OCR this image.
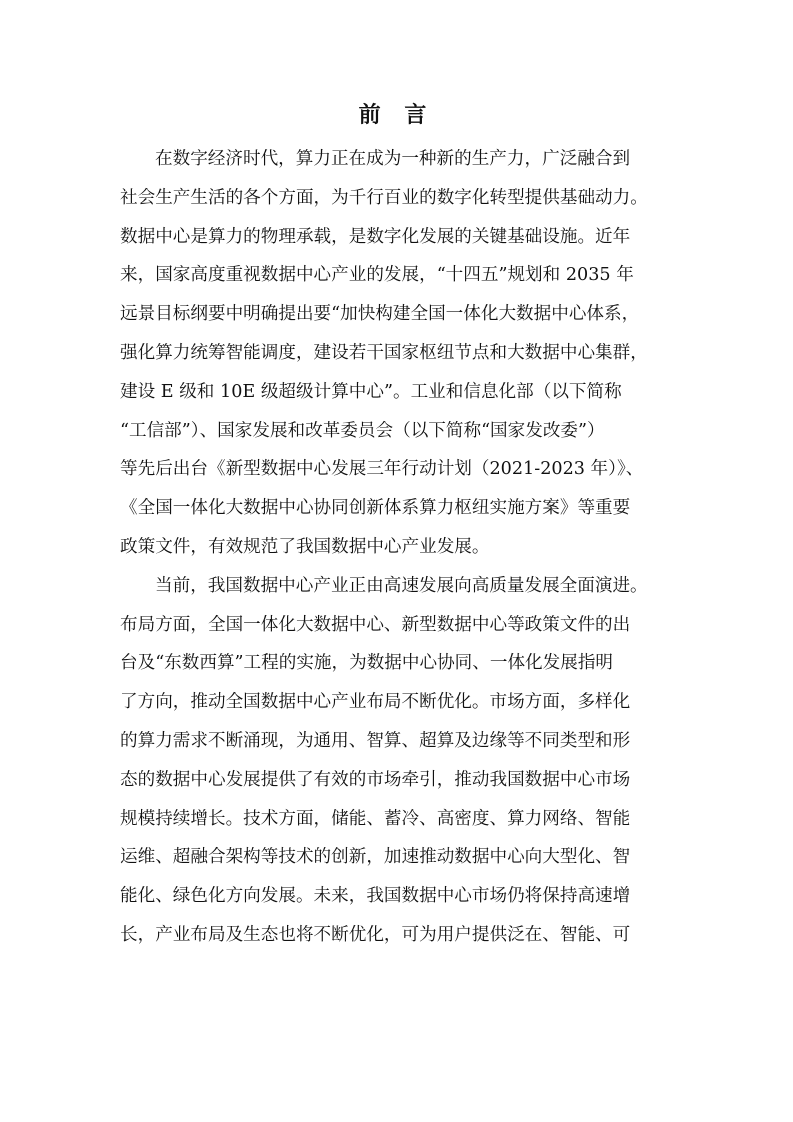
前 言
在数字经济时代，算力正在成为一种新的生产力，广泛融合到
社会生产生活的各个方面，为千行百业的数字化转型提供基础动力。
数据中心是算力的物理承载，是数字化发展的关键基础设施。近年
来，国家高度重视数据中心产业的发展，“十四五”规划和 2035 年
远景目标纲要中明确提出要“加快构建全国一体化大数据中心体系，
强化算力统筹智能调度，建设若干国家枢纽节点和大数据中心集群，
建设 E 级和 10E 级超级计算中心”。工业和信息化部（以下简称
“工信部”）、国家发展和改革委员会（以下简称“国家发改委”）
等先后出台《新型数据中心发展三年行动计划（2021-2023 年）》、
《全国一体化大数据中心协同创新体系算力枢纽实施方案》等重要
政策文件，有效规范了我国数据中心产业发展。
当前，我国数据中心产业正由高速发展向高质量发展全面演进。
布局方面，全国一体化大数据中心、新型数据中心等政策文件的出
台及“东数西算”工程的实施，为数据中心协同、一体化发展指明
了方向，推动全国数据中心产业布局不断优化。市场方面，多样化
的算力需求不断涌现，为通用、智算、超算及边缘等不同类型和形
态的数据中心发展提供了有效的市场牵引，推动我国数据中心市场
规模持续增长。技术方面，储能、蓄冷、高密度、算力网络、智能
运维、超融合架构等技术的创新，加速推动数据中心向大型化、智
能化、绿色化方向发展。未来，我国数据中心市场仍将保持高速增
长，产业布局及生态也将不断优化，可为用户提供泛在、智能、可
